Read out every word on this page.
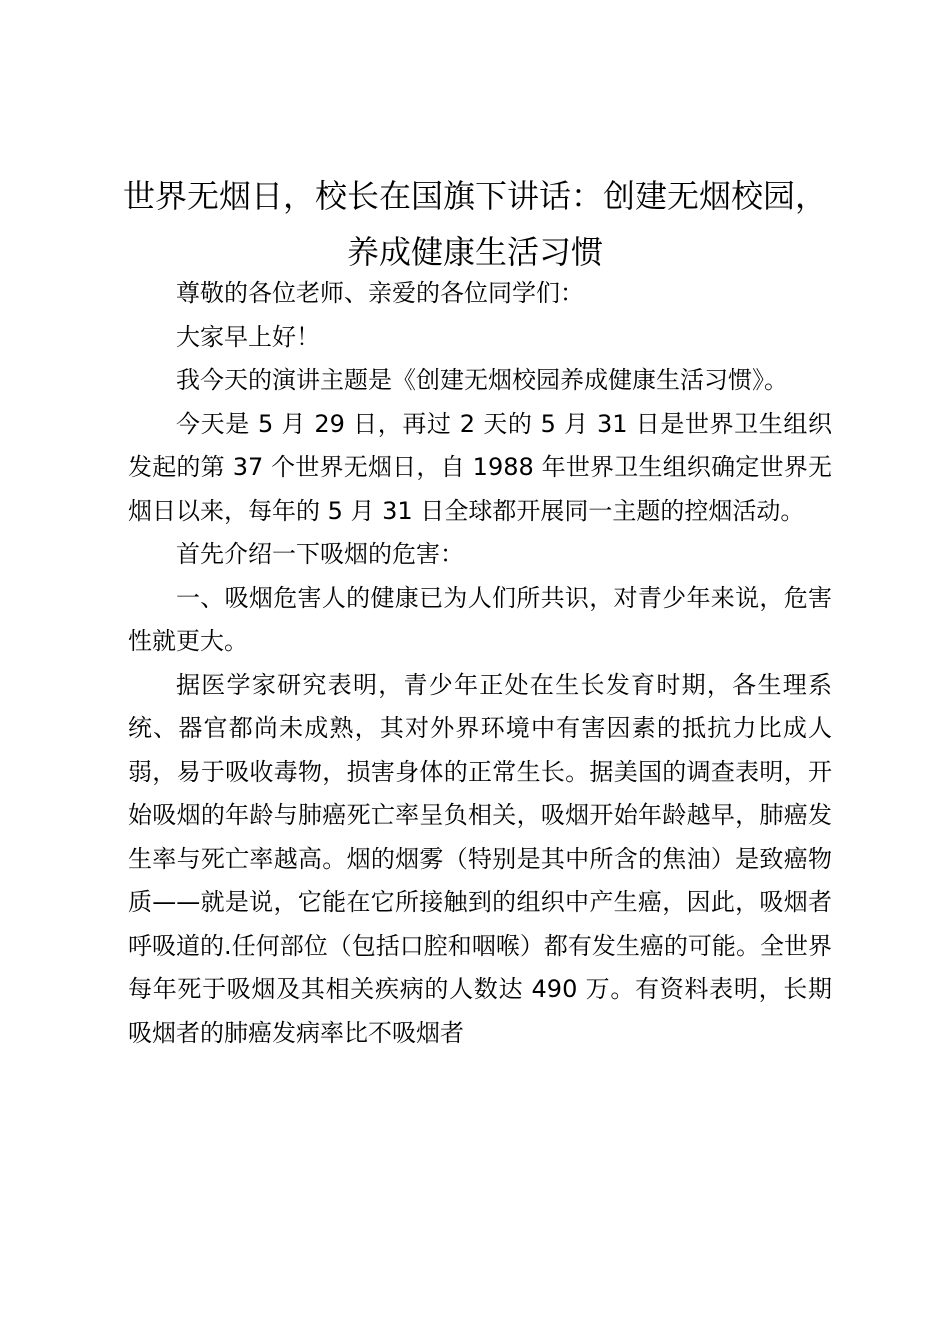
世界无烟日，校长在国旗下讲话：创建无烟校园，养成健康生活习惯

尊敬的各位老师、亲爱的各位同学们：

大家早上好！

我今天的演讲主题是《创建无烟校园养成健康生活习惯》。

今天是 5 月 29 日，再过 2 天的 5 月 31 日是世界卫生组织发起的第 37 个世界无烟日，自 1988 年世界卫生组织确定世界无烟日以来，每年的 5 月 31 日全球都开展同一主题的控烟活动。

首先介绍一下吸烟的危害：

一、吸烟危害人的健康已为人们所共识，对青少年来说，危害性就更大。

据医学家研究表明，青少年正处在生长发育时期，各生理系统、器官都尚未成熟，其对外界环境中有害因素的抵抗力比成人弱，易于吸收毒物，损害身体的正常生长。据美国的调查表明，开始吸烟的年龄与肺癌死亡率呈负相关，吸烟开始年龄越早，肺癌发生率与死亡率越高。烟的烟雾（特别是其中所含的焦油）是致癌物质——就是说，它能在它所接触到的组织中产生癌，因此，吸烟者呼吸道的.任何部位（包括口腔和咽喉）都有发生癌的可能。全世界每年死于吸烟及其相关疾病的人数达 490 万。有资料表明，长期吸烟者的肺癌发病率比不吸烟者
